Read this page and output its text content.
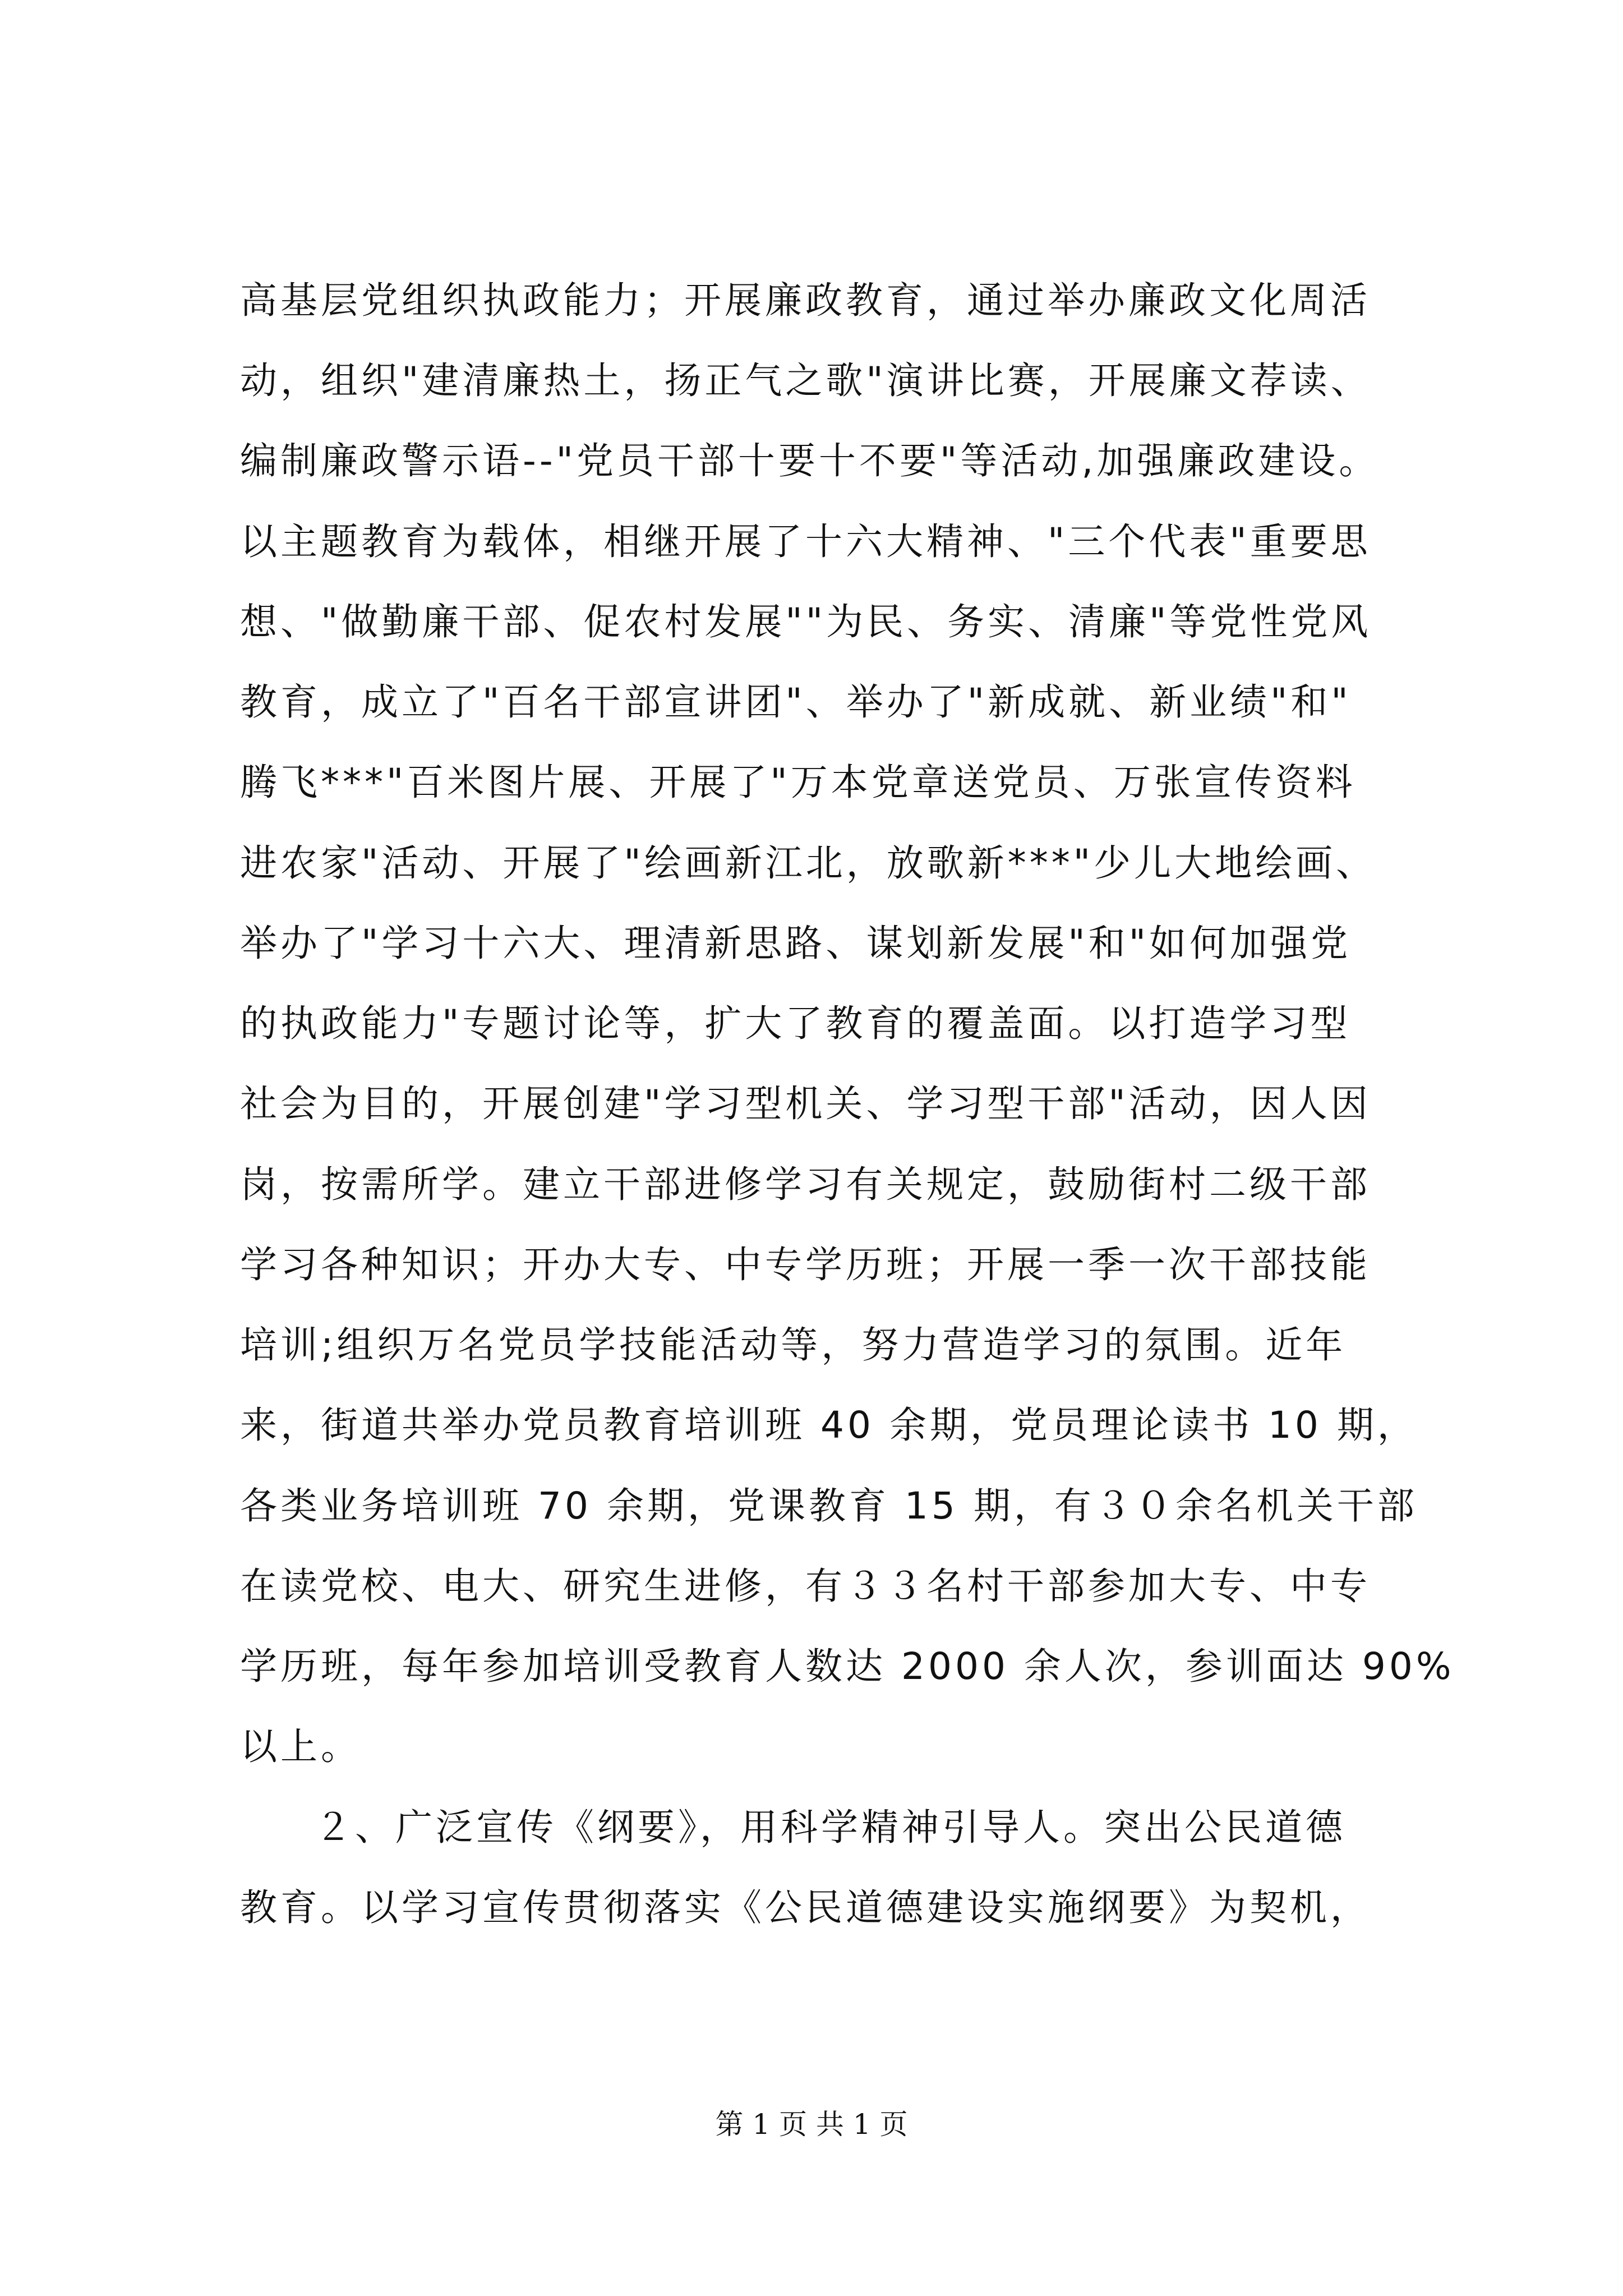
高基层党组织执政能力；开展廉政教育，通过举办廉政文化周活
动，组织"建清廉热土，扬正气之歌"演讲比赛，开展廉文荐读、
编制廉政警示语--"党员干部十要十不要"等活动,加强廉政建设。
以主题教育为载体，相继开展了十六大精神、"三个代表"重要思
想、"做勤廉干部、促农村发展""为民、务实、清廉"等党性党风
教育，成立了"百名干部宣讲团"、举办了"新成就、新业绩"和"
腾飞***"百米图片展、开展了"万本党章送党员、万张宣传资料
进农家"活动、开展了"绘画新江北，放歌新***"少儿大地绘画、
举办了"学习十六大、理清新思路、谋划新发展"和"如何加强党
的执政能力"专题讨论等，扩大了教育的覆盖面。以打造学习型
社会为目的，开展创建"学习型机关、学习型干部"活动，因人因
岗，按需所学。建立干部进修学习有关规定，鼓励街村二级干部
学习各种知识；开办大专、中专学历班；开展一季一次干部技能
培训;组织万名党员学技能活动等，努力营造学习的氛围。近年
来，街道共举办党员教育培训班 40 余期，党员理论读书 10 期，
各类业务培训班 70 余期，党课教育 15 期，有３０余名机关干部
在读党校、电大、研究生进修，有３３名村干部参加大专、中专
学历班，每年参加培训受教育人数达 2000 余人次，参训面达 90%
以上。
２、广泛宣传《纲要》，用科学精神引导人。突出公民道德
教育。以学习宣传贯彻落实《公民道德建设实施纲要》为契机，
第 1 页 共 1 页
